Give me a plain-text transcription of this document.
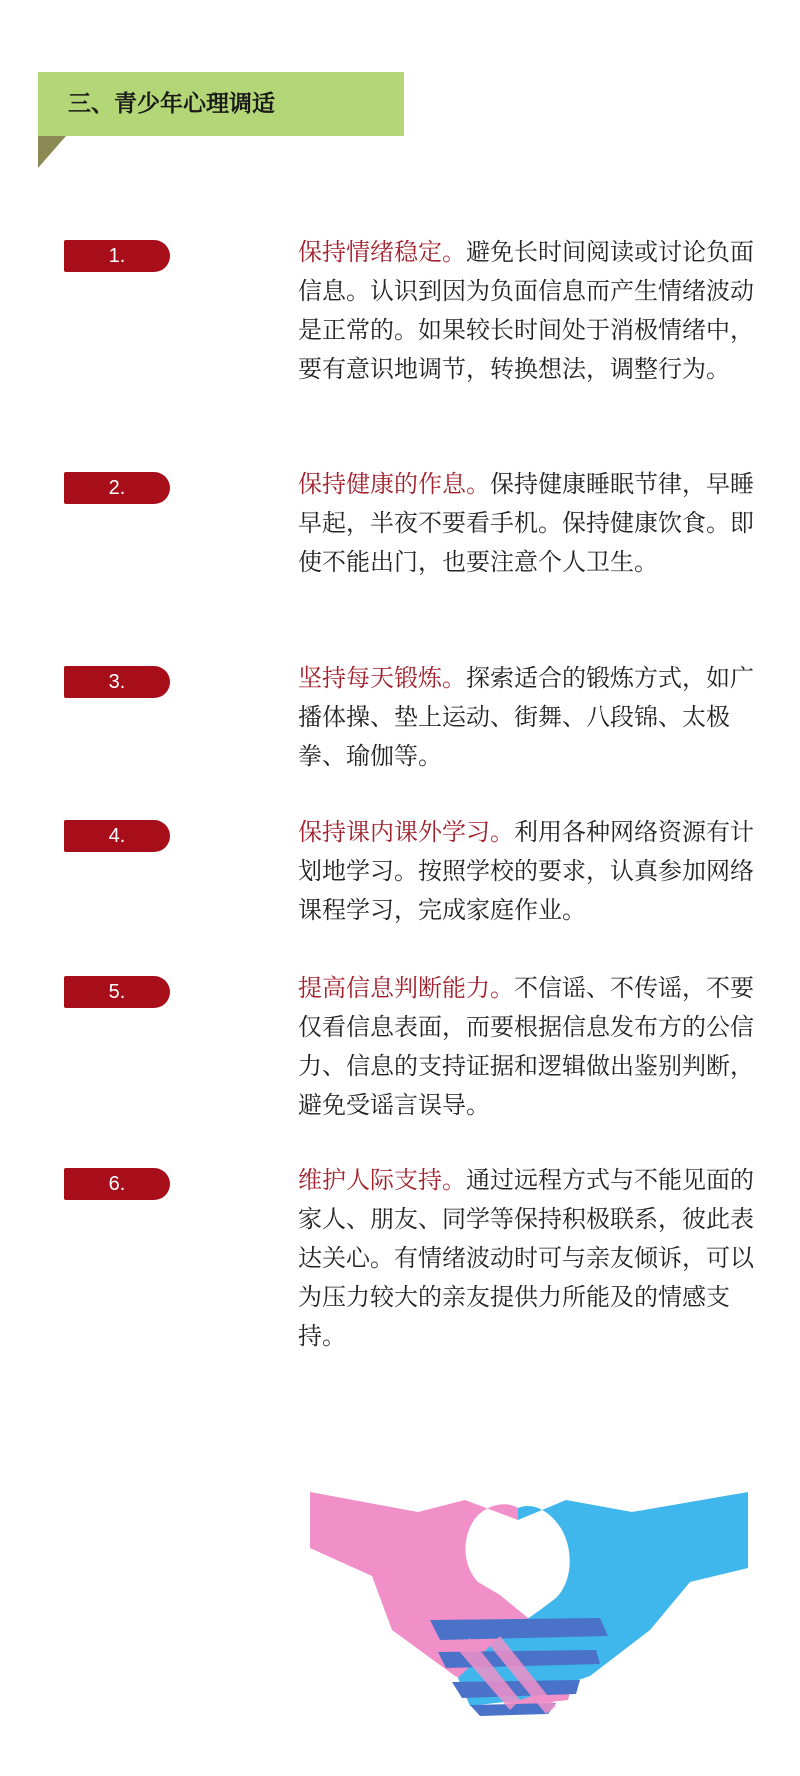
三、青少年心理调适
1.	保持情绪稳定。避免长时间阅读或讨论负面信息。认识到因为负面信息而产生情绪波动是正常的。如果较长时间处于消极情绪中，要有意识地调节，转换想法，调整行为。
2.	保持健康的作息。保持健康睡眠节律，早睡早起，半夜不要看手机。保持健康饮食。即使不能出门，也要注意个人卫生。
3.	坚持每天锻炼。探索适合的锻炼方式，如广播体操、垫上运动、街舞、八段锦、太极拳、瑜伽等。
4.	保持课内课外学习。利用各种网络资源有计划地学习。按照学校的要求，认真参加网络课程学习，完成家庭作业。
5.	提高信息判断能力。不信谣、不传谣，不要仅看信息表面，而要根据信息发布方的公信力、信息的支持证据和逻辑做出鉴别判断，避免受谣言误导。
6.	维护人际支持。通过远程方式与不能见面的家人、朋友、同学等保持积极联系，彼此表达关心。有情绪波动时可与亲友倾诉，可以为压力较大的亲友提供力所能及的情感支持。
